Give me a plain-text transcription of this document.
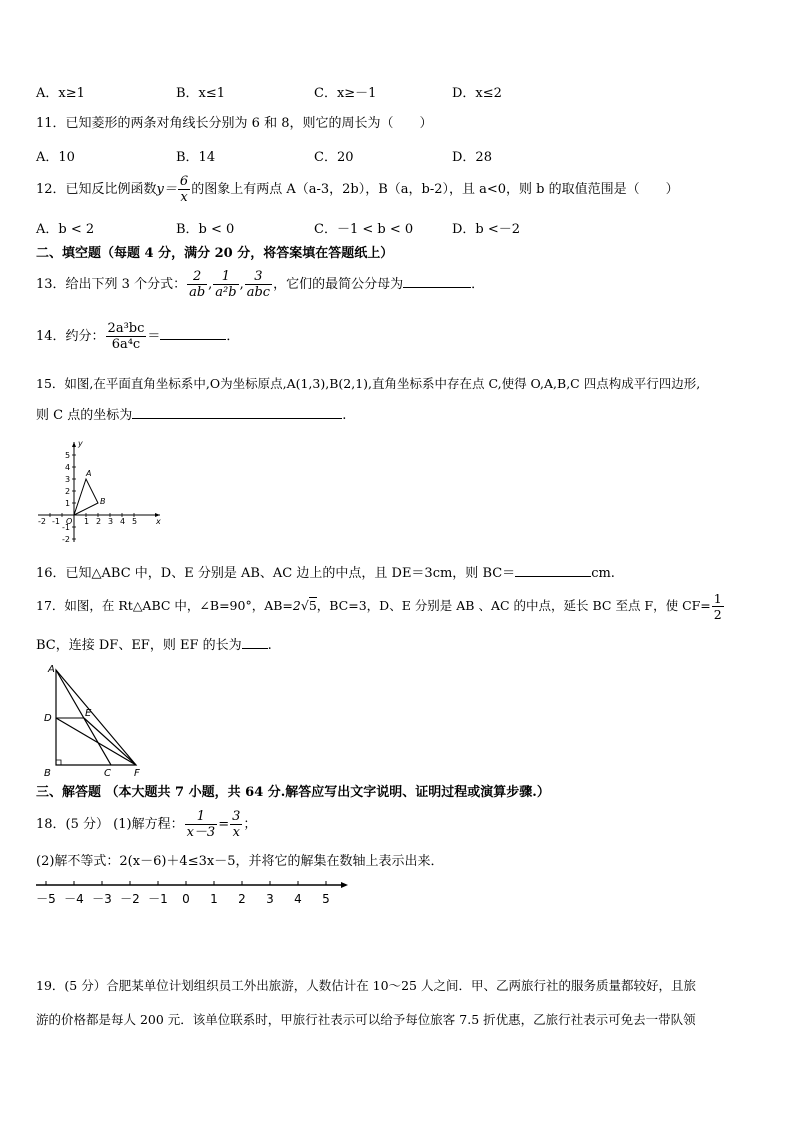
A．x≥1	B．x≤1	C．x≥－1	D．x≤2
11．已知菱形的两条对角线长分别为 6 和 8，则它的周长为（　　）
A．10	B．14	C．20	D．28
12．已知反比例函数$y= \frac{6}{x}$ 的图象上有两点 A（a-3，2b），B（a，b-2），且 a<0，则 b 的取值范围是（　　）
A．b < 2	B．b < 0	C．－1 < b < 0	D．b <－2
二、填空题（每题 4 分，满分 20 分，将答案填在答题纸上）
13．给出下列 3 个分式： $\frac{2}{ab}$ , $\frac{1}{\text{a²b}}$ , $\frac{3}{\text{abc}}$ ，它们的最简公分母为	．
14．约分： $\frac{\text{2a³bc}}{\text{6a⁴c}}$ ＝	．
15．如图,在平面直角坐标系中,O为坐标原点,A(1,3),B(2,1),直角坐标系中存在点 C,使得 O,A,B,C 四点构成平行四边形,
则 C 点的坐标为	.
-2 -1	1 2 3 4 5
5
4
3
2
1
-1
-2
x
y
O
A
B
16．已知△ABC 中，D、E 分别是 AB、AC 边上的中点，且 DE＝3cm，则 BC＝	cm.
17．如图，在 Rt△ABC 中，∠B=90°，AB=2√5，BC=3，D、E 分别是 AB 、AC 的中点，延长 BC 至点 F，使 $CF= \frac{1}{2}$
BC，连接 DF、EF，则 EF 的长为 .
A
D	E
B	C F
三、解答题 （本大题共 7 小题，共 64 分.解答应写出文字说明、证明过程或演算步骤.）
18．(5 分） (1)解方程： $\frac{1}{x-3} = \frac{3}{x}$ ；
(2)解不等式：2(x－6)＋4≤3x－5，并将它的解集在数轴上表示出来．
－5 －4 －3 －2 －1 0 1 2 3 4 5
19．(5 分）合肥某单位计划组织员工外出旅游，人数估计在 10～25 人之间．甲、乙两旅行社的服务质量都较好，且旅
游的价格都是每人 200 元．该单位联系时，甲旅行社表示可以给予每位旅客 7.5 折优惠，乙旅行社表示可免去一带队领
